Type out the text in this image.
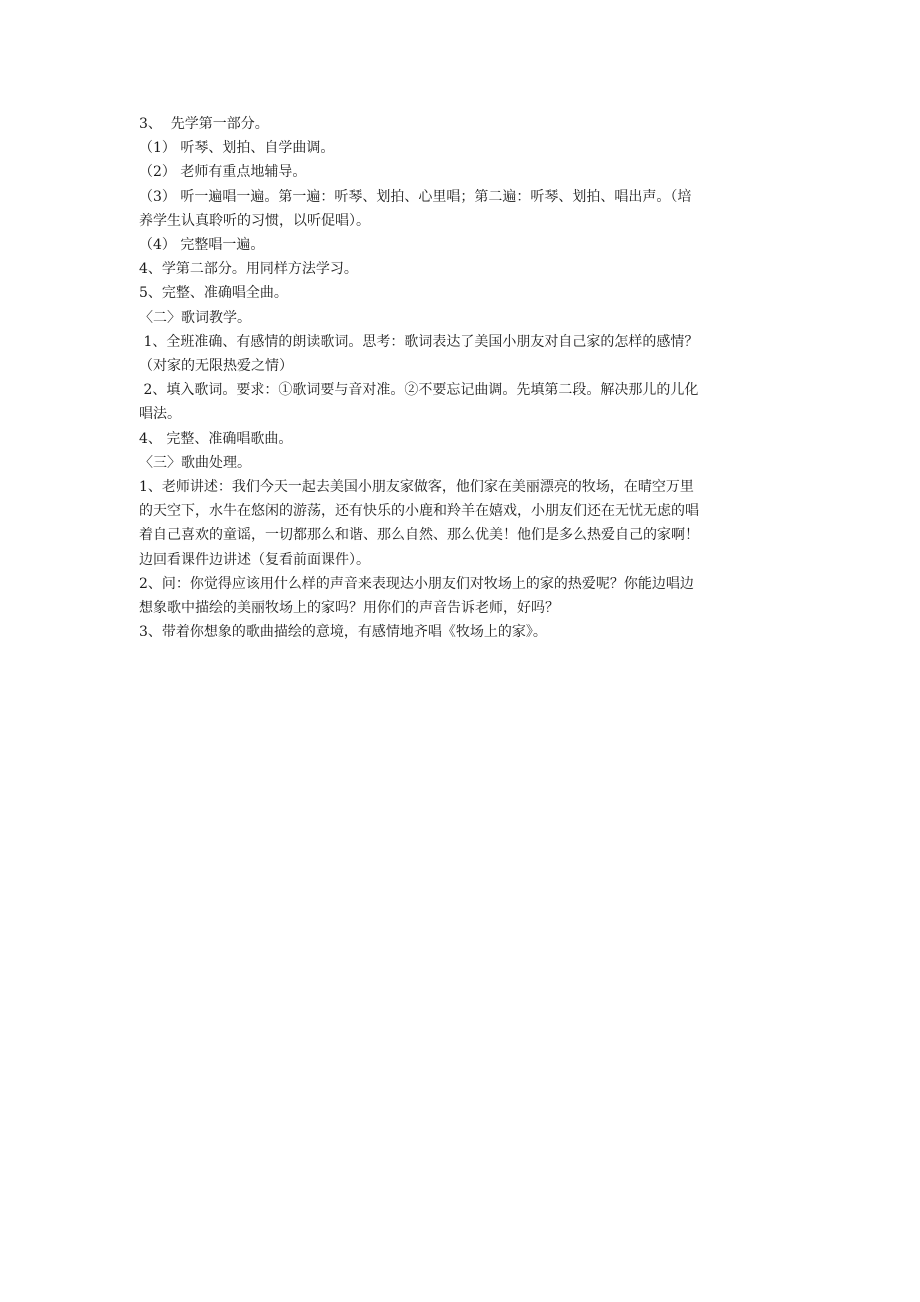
3、  先学第一部分。
（1） 听琴、划拍、自学曲调。
（2） 老师有重点地辅导。
（3） 听一遍唱一遍。第一遍：听琴、划拍、心里唱；第二遍：听琴、划拍、唱出声。（培
养学生认真聆听的习惯，以听促唱）。
（4） 完整唱一遍。
4、学第二部分。用同样方法学习。
5、完整、准确唱全曲。
〈二〉歌词教学。
1、全班准确、有感情的朗读歌词。思考：歌词表达了美国小朋友对自己家的怎样的感情？
（对家的无限热爱之情）
2、填入歌词。要求：①歌词要与音对准。②不要忘记曲调。先填第二段。解决那儿的儿化
唱法。
4、 完整、准确唱歌曲。
〈三〉歌曲处理。
1、老师讲述：我们今天一起去美国小朋友家做客，他们家在美丽漂亮的牧场，在晴空万里
的天空下，水牛在悠闲的游荡，还有快乐的小鹿和羚羊在嬉戏，小朋友们还在无忧无虑的唱
着自己喜欢的童谣，一切都那么和谐、那么自然、那么优美！他们是多么热爱自己的家啊！
边回看课件边讲述（复看前面课件）。
2、问：你觉得应该用什么样的声音来表现达小朋友们对牧场上的家的热爱呢？你能边唱边
想象歌中描绘的美丽牧场上的家吗？用你们的声音告诉老师，好吗？
3、带着你想象的歌曲描绘的意境，有感情地齐唱《牧场上的家》。
